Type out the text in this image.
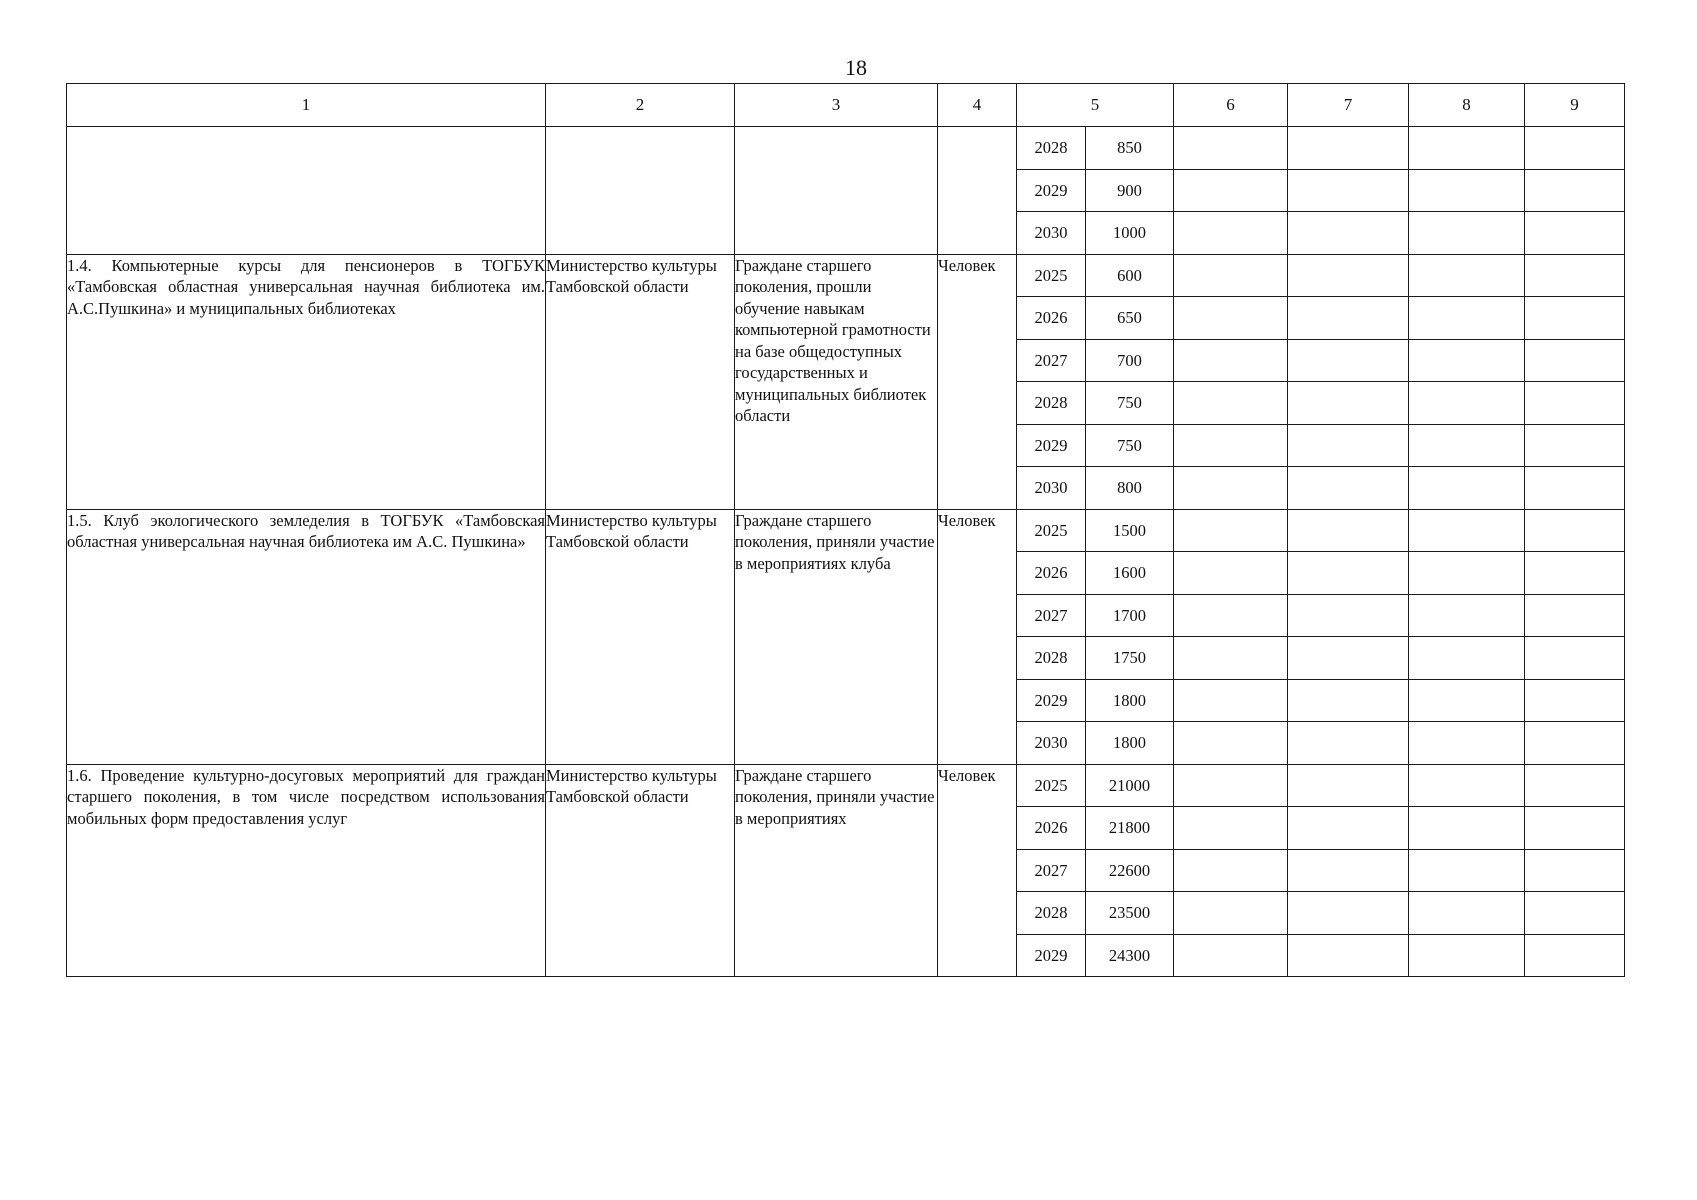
18
1	2	3	4	5		6	7	8	9
				2028	850				
				2029	900				
				2030	1000				
1.4. Компьютерные курсы для пенсионеров в ТОГБУК «Тамбовская областная универсальная научная библиотека им. А.С.Пушкина» и муниципальных библиотеках	Министерство культуры Тамбовской области	Граждане старшего поколения, прошли обучение навыкам компьютерной грамотности на базе общедоступных государственных и муниципальных библиотек области	Человек	2025	600				
				2026	650				
				2027	700				
				2028	750				
				2029	750				
				2030	800				
1.5. Клуб экологического земледелия в ТОГБУК «Тамбовская областная универсальная научная библиотека им А.С. Пушкина»	Министерство культуры Тамбовской области	Граждане старшего поколения, приняли участие в мероприятиях клуба	Человек	2025	1500				
				2026	1600				
				2027	1700				
				2028	1750				
				2029	1800				
				2030	1800				
1.6. Проведение культурно-досуговых мероприятий для граждан старшего поколения, в том числе посредством использования мобильных форм предоставления услуг	Министерство культуры Тамбовской области	Граждане старшего поколения, приняли участие в мероприятиях	Человек	2025	21000				
				2026	21800				
				2027	22600				
				2028	23500				
				2029	24300				
